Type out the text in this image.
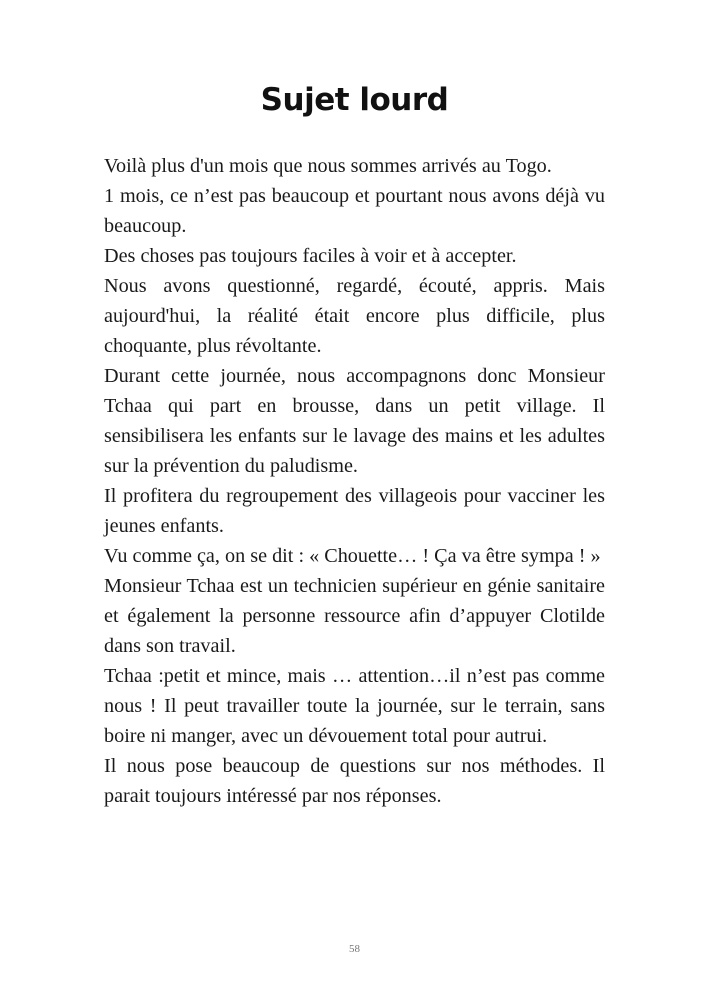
Sujet lourd

Voilà plus d'un mois que nous sommes arrivés au Togo.

1 mois, ce n’est pas beaucoup et pourtant nous avons déjà vu beaucoup.

Des choses pas toujours faciles à voir et à accepter.

Nous avons questionné, regardé, écouté, appris. Mais aujourd'hui, la réalité était encore plus difficile, plus choquante, plus révoltante.

Durant cette journée, nous accompagnons donc Monsieur Tchaa qui part en brousse, dans un petit village. Il sensibilisera les enfants sur le lavage des mains et les adultes sur la prévention du paludisme.

Il profitera du regroupement des villageois pour vacciner les jeunes enfants.

Vu comme ça, on se dit : « Chouette… ! Ça va être sympa ! »

Monsieur Tchaa est un technicien supérieur en génie sanitaire et également la personne ressource afin d’appuyer Clotilde dans son travail.

Tchaa :petit et mince, mais … attention…il n’est pas comme nous ! Il peut travailler toute la journée, sur le terrain, sans boire ni manger, avec un dévouement total pour autrui.

Il nous pose beaucoup de questions sur nos méthodes. Il parait toujours intéressé par nos réponses.

58
